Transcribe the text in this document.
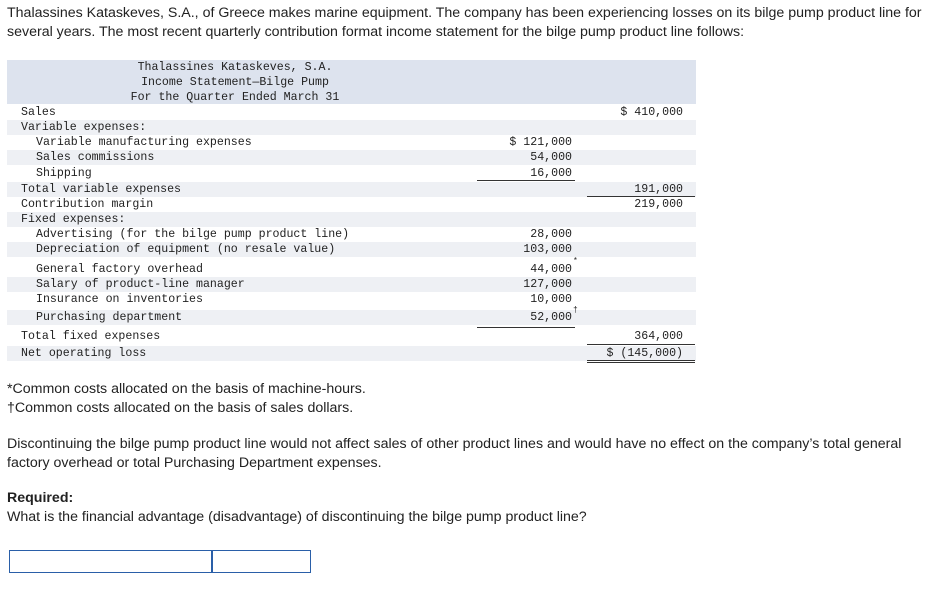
Thalassines Kataskeves, S.A., of Greece makes marine equipment. The company has been experiencing losses on its bilge pump product line for several years. The most recent quarterly contribution format income statement for the bilge pump product line follows:

Thalassines Kataskeves, S.A.
Income Statement—Bilge Pump
For the Quarter Ended March 31
Sales	$ 410,000
Variable expenses:
Variable manufacturing expenses	$ 121,000
Sales commissions	54,000
Shipping	16,000
Total variable expenses	191,000
Contribution margin	219,000
Fixed expenses:
Advertising (for the bilge pump product line)	28,000
Depreciation of equipment (no resale value)	103,000
General factory overhead	44,000
*
Salary of product-line manager	127,000
Insurance on inventories	10,000
Purchasing department	52,000
†
Total fixed expenses	364,000
Net operating loss	$ (145,000)
*Common costs allocated on the basis of machine-hours.
†Common costs allocated on the basis of sales dollars.

Discontinuing the bilge pump product line would not affect sales of other product lines and would have no effect on the company’s total general factory overhead or total Purchasing Department expenses.

Required:
What is the financial advantage (disadvantage) of discontinuing the bilge pump product line?
